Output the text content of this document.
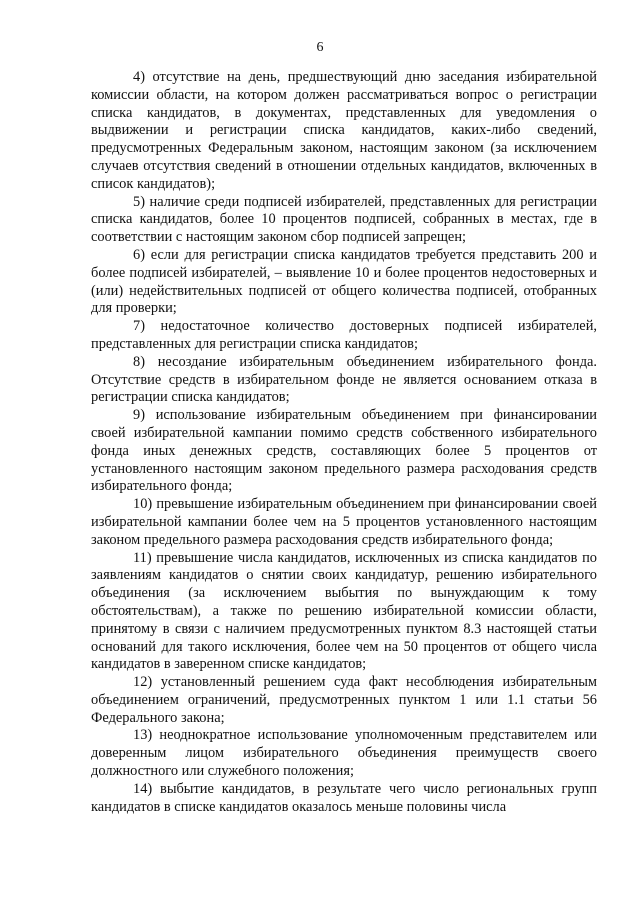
6

4) отсутствие на день, предшествующий дню заседания избирательной комиссии области, на котором должен рассматриваться вопрос о регистрации списка кандидатов, в документах, представленных для уведомления о выдвижении и регистрации списка кандидатов, каких-либо сведений, предусмотренных Федеральным законом, настоящим законом (за исключением случаев отсутствия сведений в отношении отдельных кандидатов, включенных в список кандидатов);

5) наличие среди подписей избирателей, представленных для регистрации списка кандидатов, более 10 процентов подписей, собранных в местах, где в соответствии с настоящим законом сбор подписей запрещен;

6) если для регистрации списка кандидатов требуется представить 200 и более подписей избирателей, – выявление 10 и более процентов недостоверных и (или) недействительных подписей от общего количества подписей, отобранных для проверки;

7) недостаточное количество достоверных подписей избирателей, представленных для регистрации списка кандидатов;

8) несоздание избирательным объединением избирательного фонда. Отсутствие средств в избирательном фонде не является основанием отказа в регистрации списка кандидатов;

9) использование избирательным объединением при финансировании своей избирательной кампании помимо средств собственного избирательного фонда иных денежных средств, составляющих более 5 процентов от установленного настоящим законом предельного размера расходования средств избирательного фонда;

10) превышение избирательным объединением при финансировании своей избирательной кампании более чем на 5 процентов установленного настоящим законом предельного размера расходования средств избирательного фонда;

11) превышение числа кандидатов, исключенных из списка кандидатов по заявлениям кандидатов о снятии своих кандидатур, решению избирательного объединения (за исключением выбытия по вынуждающим к тому обстоятельствам), а также по решению избирательной комиссии области, принятому в связи с наличием предусмотренных пунктом 8.3 настоящей статьи оснований для такого исключения, более чем на 50 процентов от общего числа кандидатов в заверенном списке кандидатов;

12) установленный решением суда факт несоблюдения избирательным объединением ограничений, предусмотренных пунктом 1 или 1.1 статьи 56 Федерального закона;

13) неоднократное использование уполномоченным представителем или доверенным лицом избирательного объединения преимуществ своего должностного или служебного положения;

14) выбытие кандидатов, в результате чего число региональных групп кандидатов в списке кандидатов оказалось меньше половины числа
